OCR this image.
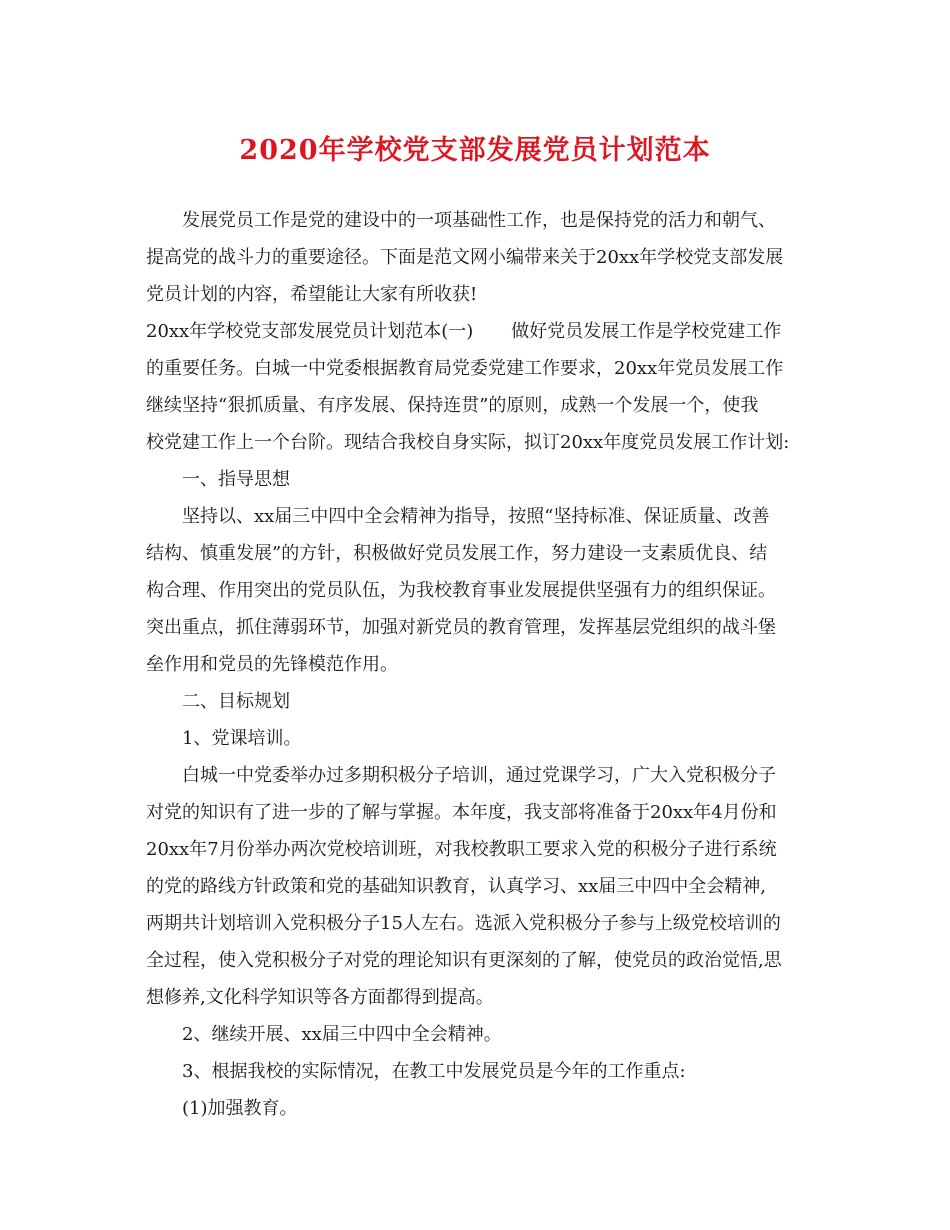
2020年学校党支部发展党员计划范本
发展党员工作是党的建设中的一项基础性工作，也是保持党的活力和朝气、
提高党的战斗力的重要途径。下面是范文网小编带来关于20xx年学校党支部发展
党员计划的内容，希望能让大家有所收获!
20xx年学校党支部发展党员计划范本(一) 做好党员发展工作是学校党建工作
的重要任务。白城一中党委根据教育局党委党建工作要求，20xx年党员发展工作
继续坚持“狠抓质量、有序发展、保持连贯”的原则，成熟一个发展一个，使我
校党建工作上一个台阶。现结合我校自身实际，拟订20xx年度党员发展工作计划:
一、指导思想
坚持以、xx届三中四中全会精神为指导，按照“坚持标准、保证质量、改善
结构、慎重发展”的方针，积极做好党员发展工作，努力建设一支素质优良、结
构合理、作用突出的党员队伍，为我校教育事业发展提供坚强有力的组织保证。
突出重点，抓住薄弱环节，加强对新党员的教育管理，发挥基层党组织的战斗堡
垒作用和党员的先锋模范作用。
二、目标规划
1、党课培训。
白城一中党委举办过多期积极分子培训，通过党课学习，广大入党积极分子
对党的知识有了进一步的了解与掌握。本年度，我支部将准备于20xx年4月份和
20xx年7月份举办两次党校培训班，对我校教职工要求入党的积极分子进行系统
的党的路线方针政策和党的基础知识教育，认真学习、xx届三中四中全会精神,
两期共计划培训入党积极分子15人左右。选派入党积极分子参与上级党校培训的
全过程，使入党积极分子对党的理论知识有更深刻的了解，使党员的政治觉悟,思
想修养,文化科学知识等各方面都得到提高。
2、继续开展、xx届三中四中全会精神。
3、根据我校的实际情况，在教工中发展党员是今年的工作重点:
(1)加强教育。
